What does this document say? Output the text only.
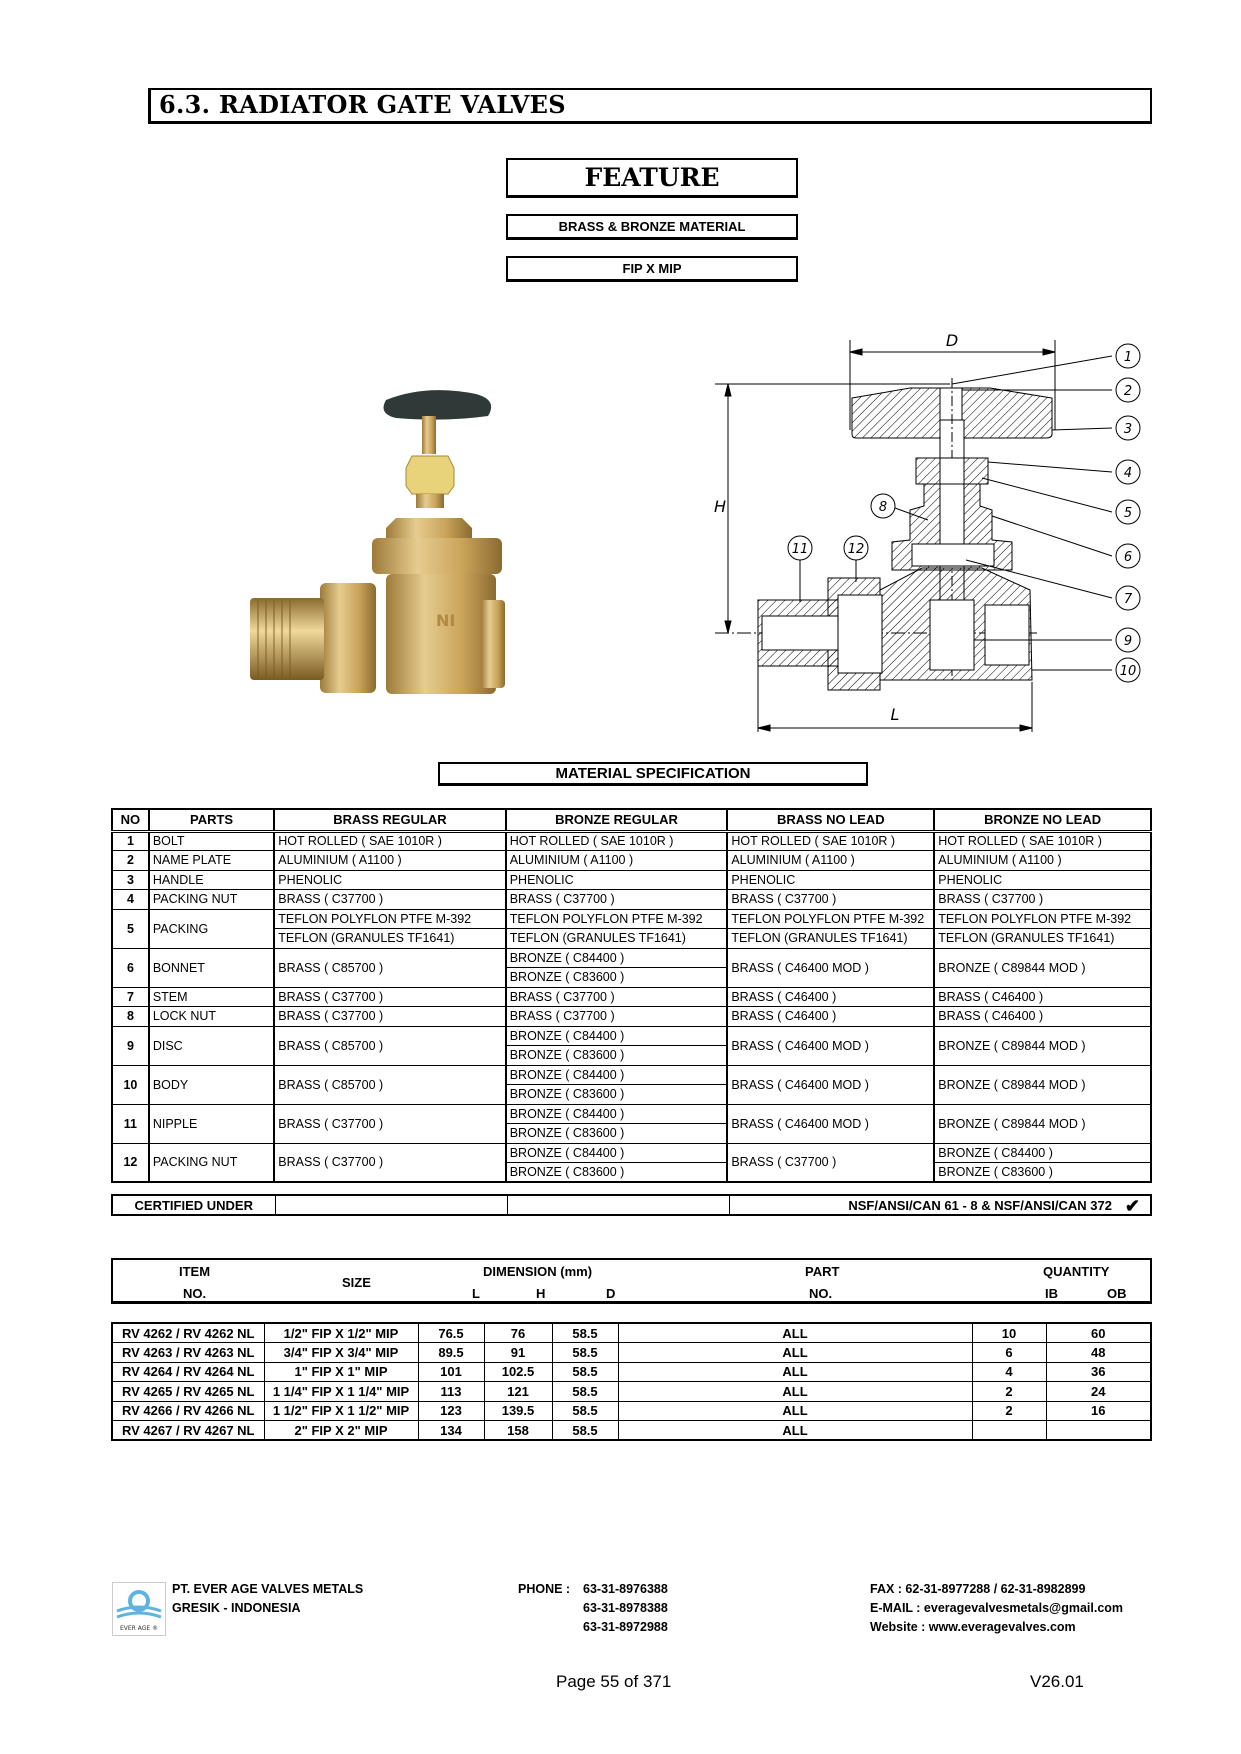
6.3. RADIATOR GATE VALVES
FEATURE
BRASS & BRONZE MATERIAL
FIP X MIP
NI
1
2
3
4
5
6
7
9
10
8
11	12
D
H
L
MATERIAL SPECIFICATION
NO	PARTS	BRASS REGULAR	BRONZE REGULAR	BRASS NO LEAD	BRONZE NO LEAD
1	BOLT	HOT ROLLED ( SAE 1010R )	HOT ROLLED ( SAE 1010R )	HOT ROLLED ( SAE 1010R )	HOT ROLLED ( SAE 1010R )
2	NAME PLATE	ALUMINIUM ( A1100 )	ALUMINIUM ( A1100 )	ALUMINIUM ( A1100 )	ALUMINIUM ( A1100 )
3	HANDLE	PHENOLIC	PHENOLIC	PHENOLIC	PHENOLIC
4	PACKING NUT	BRASS ( C37700 )	BRASS ( C37700 )	BRASS ( C37700 )	BRASS ( C37700 )
5	PACKING	TEFLON POLYFLON PTFE M-392	TEFLON POLYFLON PTFE M-392	TEFLON POLYFLON PTFE M-392	TEFLON POLYFLON PTFE M-392
		TEFLON (GRANULES TF1641)	TEFLON (GRANULES TF1641)	TEFLON (GRANULES TF1641)	TEFLON (GRANULES TF1641)
6	BONNET	BRASS ( C85700 )	BRONZE ( C84400 )	BRASS ( C46400 MOD )	BRONZE ( C89844 MOD )
			BRONZE ( C83600 )		
7	STEM	BRASS ( C37700 )	BRASS ( C37700 )	BRASS ( C46400 )	BRASS ( C46400 )
8	LOCK NUT	BRASS ( C37700 )	BRASS ( C37700 )	BRASS ( C46400 )	BRASS ( C46400 )
9	DISC	BRASS ( C85700 )	BRONZE ( C84400 )	BRASS ( C46400 MOD )	BRONZE ( C89844 MOD )
			BRONZE ( C83600 )		
10	BODY	BRASS ( C85700 )	BRONZE ( C84400 )	BRASS ( C46400 MOD )	BRONZE ( C89844 MOD )
			BRONZE ( C83600 )		
11	NIPPLE	BRASS ( C37700 )	BRONZE ( C84400 )	BRASS ( C46400 MOD )	BRONZE ( C89844 MOD )
			BRONZE ( C83600 )		
12	PACKING NUT	BRASS ( C37700 )	BRONZE ( C84400 )	BRASS ( C37700 )	BRONZE ( C84400 )
			BRONZE ( C83600 )		BRONZE ( C83600 )
CERTIFIED UNDER			NSF/ANSI/CAN 61 - 8 & NSF/ANSI/CAN 372 ✔
ITEM
NO.
SIZE
DIMENSION (mm)
L	H	D
PART
NO.
QUANTITY
IB	OB
RV 4262 / RV 4262 NL	1/2" FIP X 1/2" MIP	76.5	76	58.5	ALL	10	60
RV 4263 / RV 4263 NL	3/4" FIP X 3/4" MIP	89.5	91	58.5	ALL	6	48
RV 4264 / RV 4264 NL	1" FIP X 1" MIP	101	102.5	58.5	ALL	4	36
RV 4265 / RV 4265 NL	1 1/4" FIP X 1 1/4" MIP	113	121	58.5	ALL	2	24
RV 4266 / RV 4266 NL	1 1/2" FIP X 1 1/2" MIP	123	139.5	58.5	ALL	2	16
RV 4267 / RV 4267 NL	2" FIP X 2" MIP	134	158	58.5	ALL		
EVER AGE ®
PT. EVER AGE VALVES METALS
GRESIK - INDONESIA
PHONE : 63-31-8976388
63-31-8978388
63-31-8972988
FAX : 62-31-8977288 / 62-31-8982899
E-MAIL : everagevalvesmetals@gmail.com
Website : www.everagevalves.com
Page 55 of 371	V26.01
